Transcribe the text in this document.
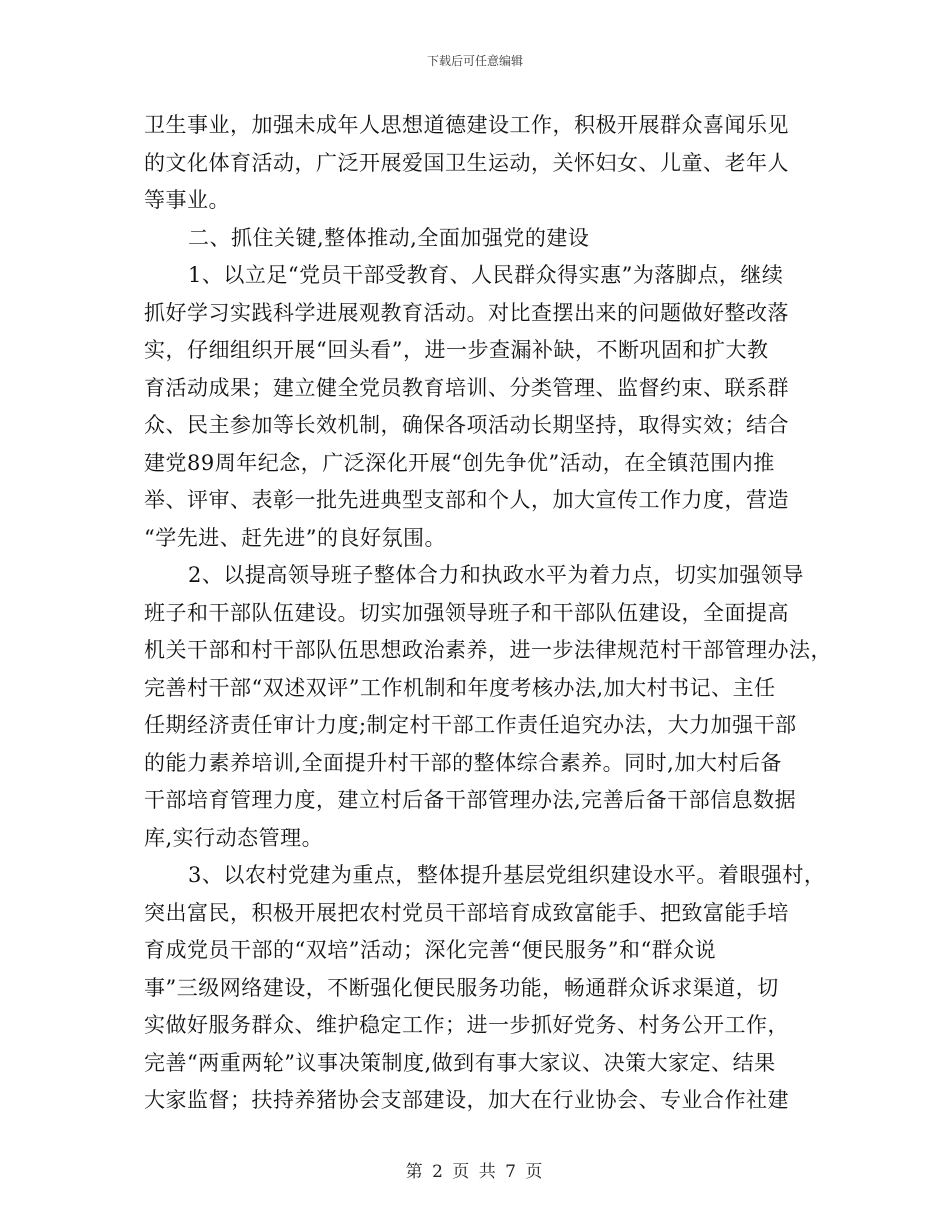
下载后可任意编辑
卫生事业，加强未成年人思想道德建设工作，积极开展群众喜闻乐见
的文化体育活动，广泛开展爱国卫生运动，关怀妇女、儿童、老年人
等事业。
二、抓住关键,整体推动,全面加强党的建设
1、以立足“党员干部受教育、人民群众得实惠”为落脚点，继续
抓好学习实践科学进展观教育活动。对比查摆出来的问题做好整改落
实，仔细组织开展“回头看”，进一步查漏补缺，不断巩固和扩大教
育活动成果；建立健全党员教育培训、分类管理、监督约束、联系群
众、民主参加等长效机制，确保各项活动长期坚持，取得实效；结合
建党89周年纪念，广泛深化开展“创先争优”活动，在全镇范围内推
举、评审、表彰一批先进典型支部和个人，加大宣传工作力度，营造
“学先进、赶先进”的良好氛围。
2、以提高领导班子整体合力和执政水平为着力点，切实加强领导
班子和干部队伍建设。切实加强领导班子和干部队伍建设，全面提高
机关干部和村干部队伍思想政治素养，进一步法律规范村干部管理办法，
完善村干部“双述双评”工作机制和年度考核办法,加大村书记、主任
任期经济责任审计力度;制定村干部工作责任追究办法，大力加强干部
的能力素养培训,全面提升村干部的整体综合素养。同时,加大村后备
干部培育管理力度，建立村后备干部管理办法,完善后备干部信息数据
库,实行动态管理。
3、以农村党建为重点，整体提升基层党组织建设水平。着眼强村，
突出富民，积极开展把农村党员干部培育成致富能手、把致富能手培
育成党员干部的“双培”活动；深化完善“便民服务”和“群众说
事”三级网络建设，不断强化便民服务功能，畅通群众诉求渠道，切
实做好服务群众、维护稳定工作；进一步抓好党务、村务公开工作，
完善“两重两轮”议事决策制度,做到有事大家议、决策大家定、结果
大家监督；扶持养猪协会支部建设，加大在行业协会、专业合作社建
第 2 页 共 7 页
